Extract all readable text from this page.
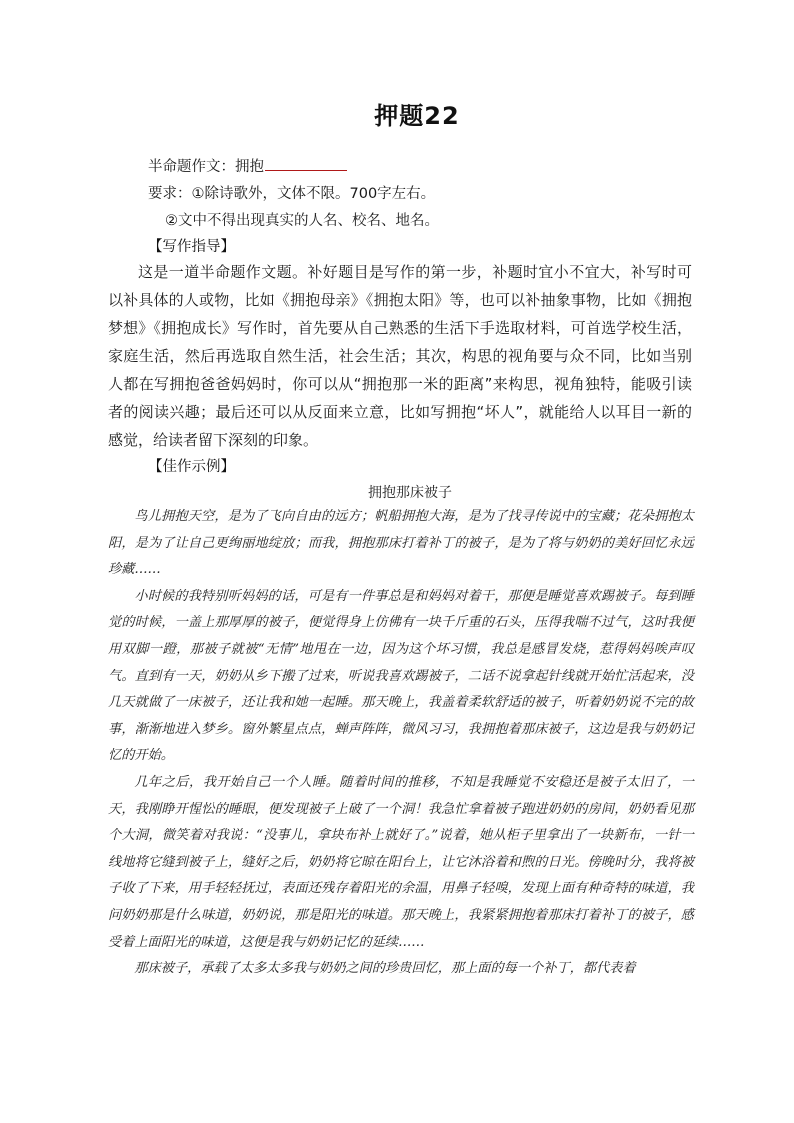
押题22
半命题作文：拥抱
要求：①除诗歌外，文体不限。700字左右。
②文中不得出现真实的人名、校名、地名。
【写作指导】

这是一道半命题作文题。补好题目是写作的第一步，补题时宜小不宜大，补写时可以补具体的人或物，比如《拥抱母亲》《拥抱太阳》等，也可以补抽象事物，比如《拥抱梦想》《拥抱成长》写作时，首先要从自己熟悉的生活下手选取材料，可首选学校生活，家庭生活，然后再选取自然生活，社会生活；其次，构思的视角要与众不同，比如当别人都在写拥抱爸爸妈妈时，你可以从“拥抱那一米的距离”来构思，视角独特，能吸引读者的阅读兴趣；最后还可以从反面来立意，比如写拥抱“坏人”，就能给人以耳目一新的感觉，给读者留下深刻的印象。

【佳作示例】
拥抱那床被子

鸟儿拥抱天空，是为了飞向自由的远方；帆船拥抱大海，是为了找寻传说中的宝藏；花朵拥抱太阳，是为了让自己更绚丽地绽放；而我，拥抱那床打着补丁的被子，是为了将与奶奶的美好回忆永远珍藏……

小时候的我特别听妈妈的话，可是有一件事总是和妈妈对着干，那便是睡觉喜欢踢被子。每到睡觉的时候，一盖上那厚厚的被子，便觉得身上仿佛有一块千斤重的石头，压得我喘不过气，这时我便用双脚一蹬，那被子就被“无情”地甩在一边，因为这个坏习惯，我总是感冒发烧，惹得妈妈唉声叹气。直到有一天，奶奶从乡下搬了过来，听说我喜欢踢被子，二话不说拿起针线就开始忙活起来，没几天就做了一床被子，还让我和她一起睡。那天晚上，我盖着柔软舒适的被子，听着奶奶说不完的故事，渐渐地进入梦乡。窗外繁星点点，蝉声阵阵，微风习习，我拥抱着那床被子，这边是我与奶奶记忆的开始。

几年之后，我开始自己一个人睡。随着时间的推移，不知是我睡觉不安稳还是被子太旧了，一天，我刚睁开惺忪的睡眼，便发现被子上破了一个洞！我急忙拿着被子跑进奶奶的房间，奶奶看见那个大洞，微笑着对我说：“没事儿，拿块布补上就好了。”说着，她从柜子里拿出了一块新布，一针一线地将它缝到被子上，缝好之后，奶奶将它晾在阳台上，让它沐浴着和煦的日光。傍晚时分，我将被子收了下来，用手轻轻抚过，表面还残存着阳光的余温，用鼻子轻嗅，发现上面有种奇特的味道，我问奶奶那是什么味道，奶奶说，那是阳光的味道。那天晚上，我紧紧拥抱着那床打着补丁的被子，感受着上面阳光的味道，这便是我与奶奶记忆的延续……

那床被子，承载了太多太多我与奶奶之间的珍贵回忆，那上面的每一个补丁，都代表着
